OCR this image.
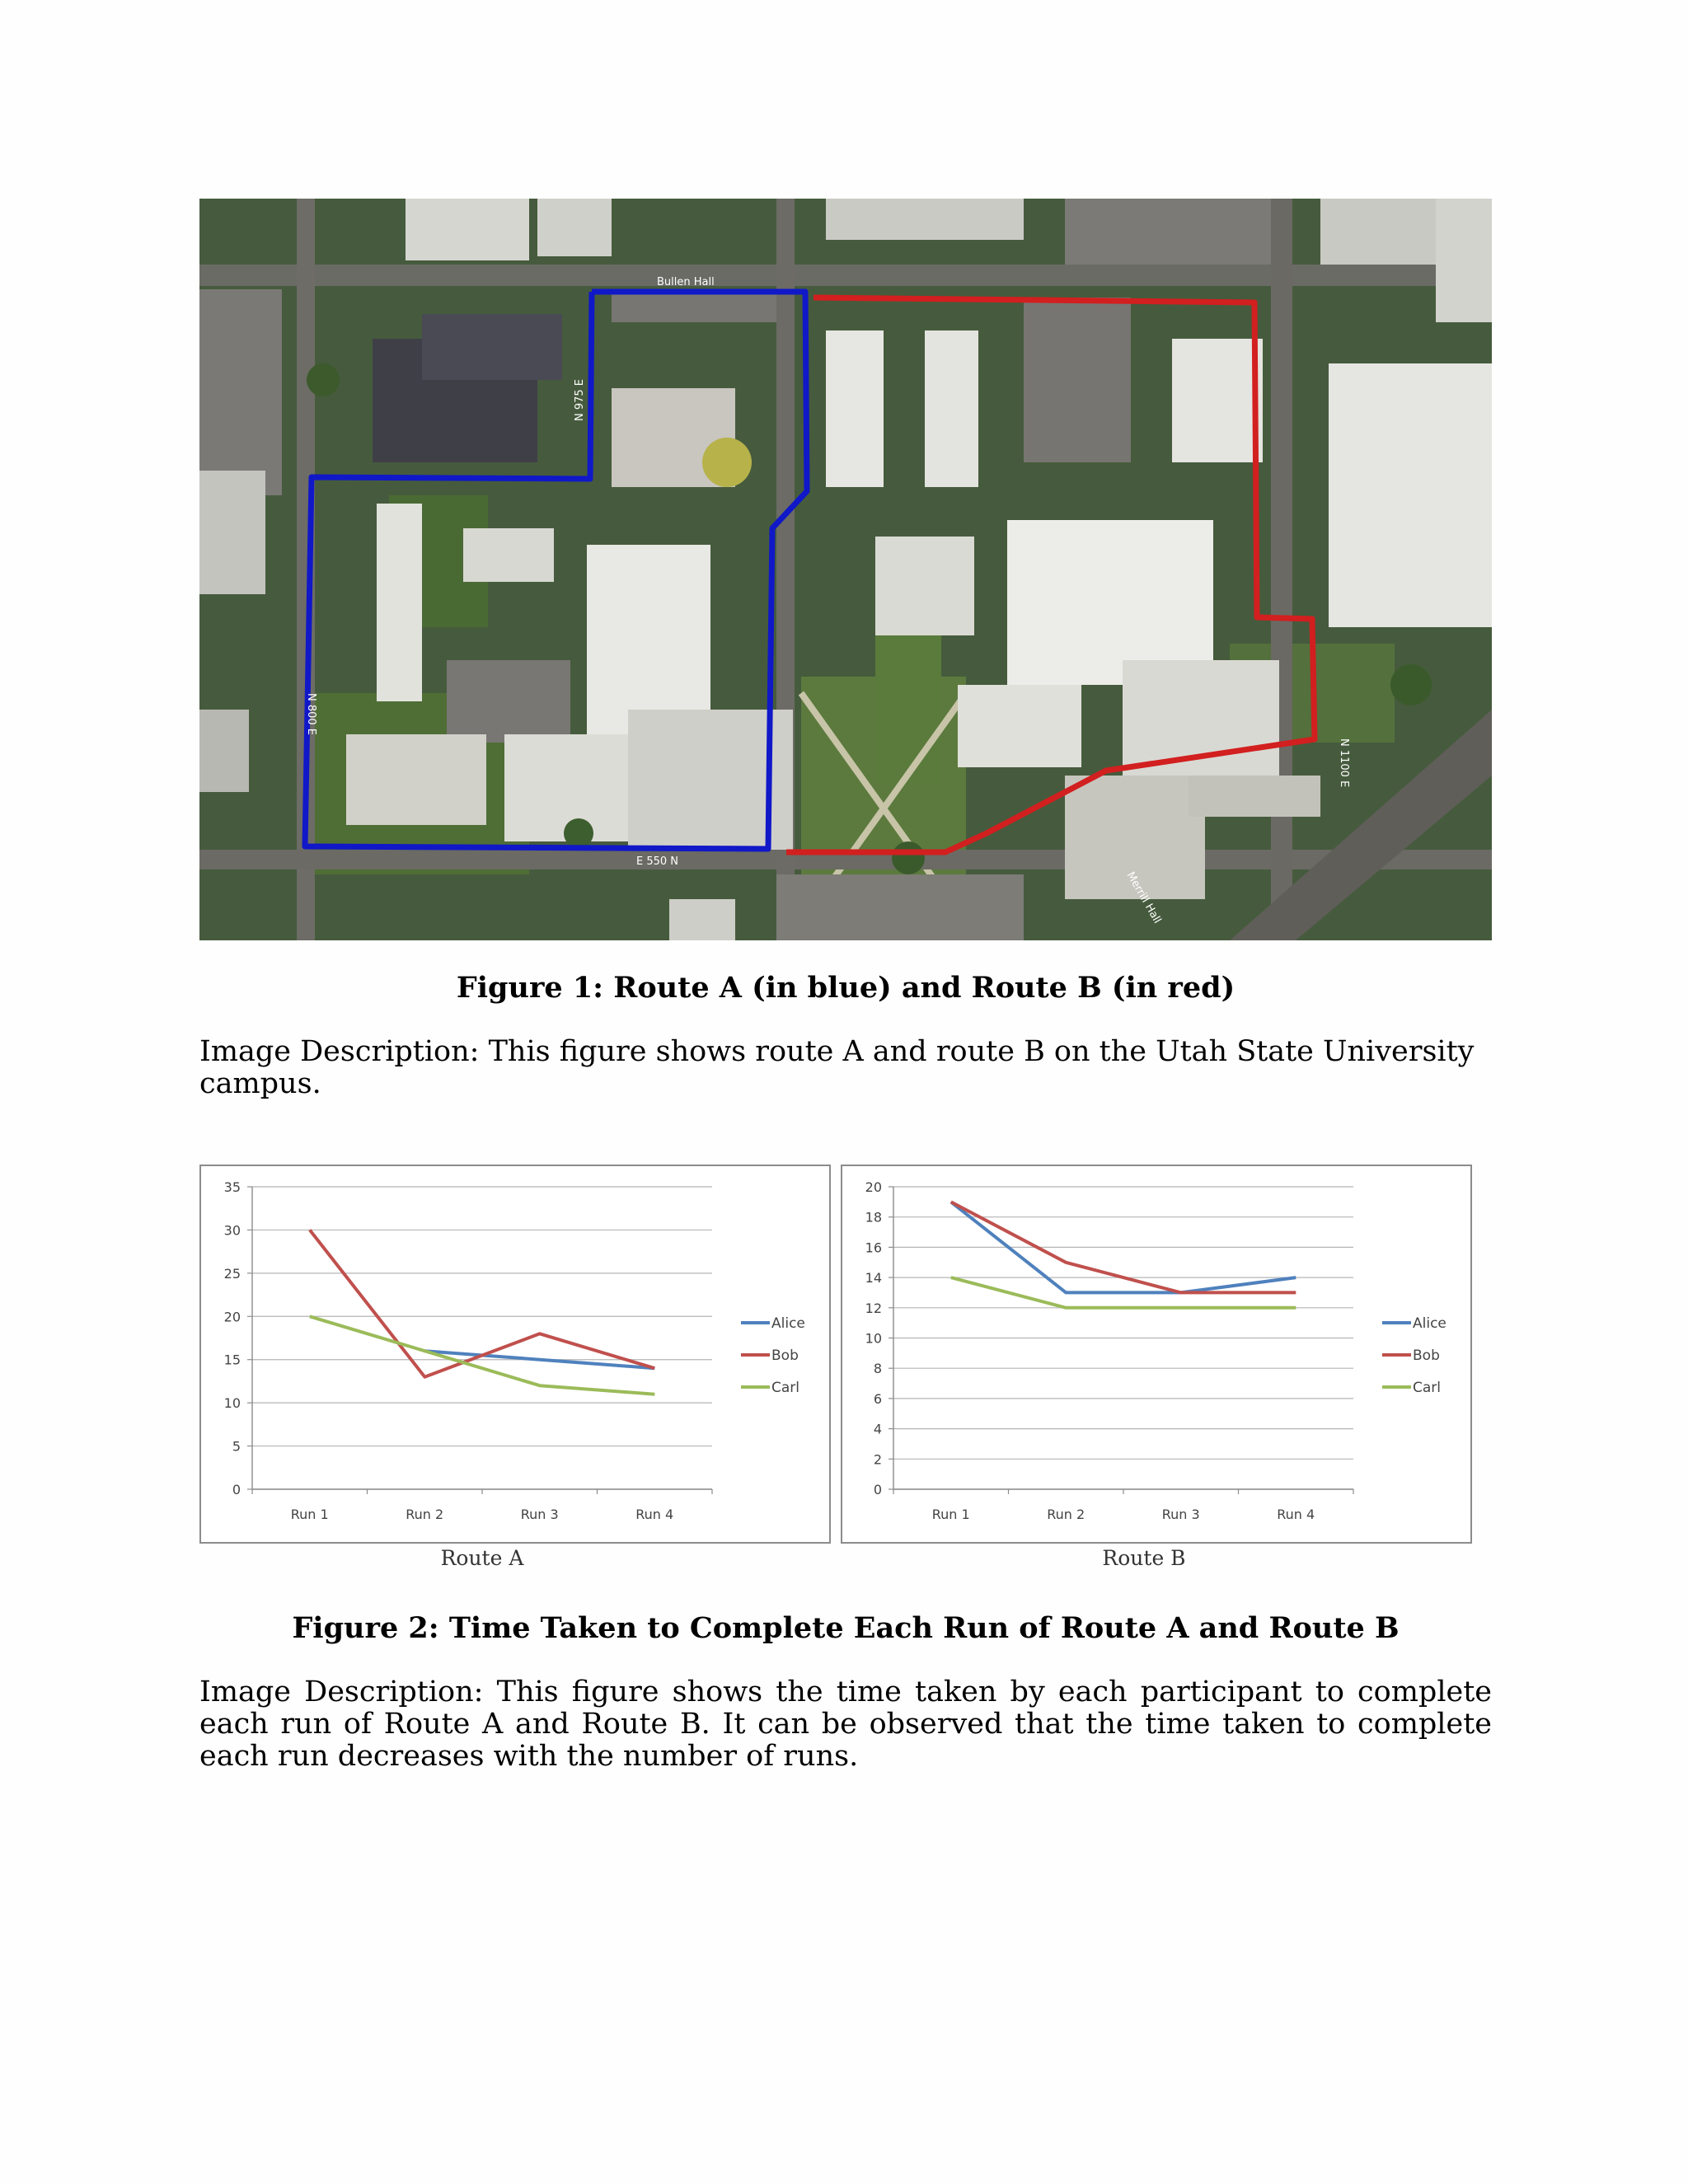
Bullen Hall
N 975 E
N 800 E
E 550 N
N 1100 E
Merrill Hall
Figure 1: Route A (in blue) and Route B (in red)
Image Description: This figure shows route A and route B on the Utah State University campus.
0
5
10
15
20
25
30
35
Run 1	Run 2	Run 3	Run 4
Alice
Bob
Carl
Route A
0
2
4
6
8
10
12
14
16
18
20
Run 1	Run 2	Run 3	Run 4
Alice
Bob
Carl
Route B
Figure 2: Time Taken to Complete Each Run of Route A and Route B
Image Description: This figure shows the time taken by each participant to complete each run of Route A and Route B. It can be observed that the time taken to complete each run decreases with the number of runs.
